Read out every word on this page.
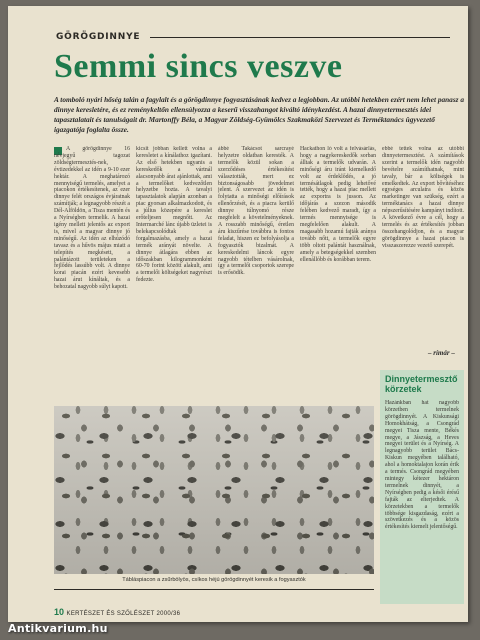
GÖRÖGDINNYE
Semmi sincs veszve

A tomboló nyári hőség talán a fagylalt és a görögdinnye fogyasztásának kedvez a legjobban. Az utóbbi hetekben ezért nem lehet panasz a dinnye keresletére, és ez reménykeltőn ellensúlyozza a keserű visszahangot kiváltó idénykezdést. A hazai dinnyetermesztés idei tapasztalatait és tanulságait dr. Martonffy Béla, a Magyar Zöldség-Gyümölcs Szakmaközi Szervezet és Terméktanács ügyvezető igazgatója foglalta össze.

A görögdinnye 16 névjegyű tagozat zöldségtermesztés-nek, évtizedekkel az idén a 9-10 ezer hektár. A meghatározó mennyiségű termelés, amelyet a piacokon értékesítenek, az ezer dinnye felét országos évjáratnak számítják; a legnagyobb részét a Dél-Alföldön, a Tisza mentén és a Nyírségben termelik. A hazai igény mellett jelentős az export is, mivel a magyar dinnye jó minőségű. Az idén az elhúzódó tavasz és a hűvös május miatt a telepítés megkésett, a palántázott területeken a fejlődés lassúbb volt. A dinnye korai piacán ezért kevesebb hazai árut kínáltak, és a behozatal nagyobb súlyt kapott.

kicsit jobban kellett volna a keresletet a kínálathoz igazítani. Az első hetekben ugyanis a kereskedők a vártnál alacsonyabb árat ajánlottak, ami a termelőket kedvezőtlen helyzetbe hozta. A tavalyi tapasztalatok alapján azonban a piac gyorsan alkalmazkodott, és a július közepére a kereslet erőteljesen megnőtt. Az Intermarché lánc újabb üzletei is belekapcsolódtak a forgalmazásba, amely a hazai termék arányát növelte. A dinnye átlagára ebben az időszakban kilogrammonként 60-70 forint között alakult, ami a termelői költségeket nagyrészt fedezte.

ábbé Takácsot sarcrayé helyzetre oldatban keresték. A termelők közül sokan a szerződéses értékesítést választották, mert ez biztonságosabb jövedelmet jelent. A szervezet az idén is folytatta a minőségi előírások ellenőrzését, és a piacra kerülő dinnye túlnyomó része megfelelt a követelményeknek. A rosszabb minőségű, éretlen áru kiszűrése továbbra is fontos feladat, hiszen ez befolyásolja a fogyasztók bizalmát. A kereskedelmi láncok egyre nagyobb tételben vásárolnak, így a termelői csoportok szerepe is erősödik.

Hackathon ló volt a felvásárlás, hogy a nagykereskedők sorban álltak a termelők udvarán. A minőségi áru iránt kiemelkedő volt az érdeklődés, a jó termésátlagok pedig lehetővé tették, hogy a hazai piac mellett az exportra is jusson. Az időjárás a szezon második felében kedvező maradt, így a termés mennyisége is megfelelően alakult. A magasabb hozamú fajták aránya tovább nőtt, a termelők egyre több oltott palántát használnak, amely a betegségekkel szemben ellenállóbb és korábban terem.

ebbé tettek volna az utóbbi dinnyetermesztést. A számítások szerint a termelők idén nagyobb bevételre számíthatnak, mint tavaly, bár a költségek is emelkedtek. Az export bővítéséhez egységes arculatra és közös marketingre van szükség, ezért a terméktanács a hazai dinnye népszerűsítésére kampányt indított. A következő évre a cél, hogy a termelés és az értékesítés jobban összehangolódjon, és a magyar görögdinnye a hazai piacon is visszaszerezze vezető szerepét.

– rímár –
Tábláspiacon a zsűrbölyös, csíkos héjú görögdinnyét keresik a fogyasztók

Dinnyetermesztő körzetek

Hazánkban hat nagyobb körzetben termelnek görögdinnyét. A Kiskunsági Homokhátság, a Csongrád megyei Tisza mente, Békés megye, a Jászság, a Heves megyei terület és a Nyírség. A legnagyobb terület Bács-Kiskun megyében található, ahol a homoktalajon korán érik a termés. Csongrád megyében mintegy kétezer hektáron termelnek dinnyét, a Nyírségben pedig a késői érésű fajták az elterjedtek. A körzetekben a termelők többsége kisgazdaság, ezért a szövetkezés és a közös értékesítés kiemelt jelentőségű.

10 KERTÉSZET ÉS SZŐLÉSZET 2000/36
Antikvarium.hu
